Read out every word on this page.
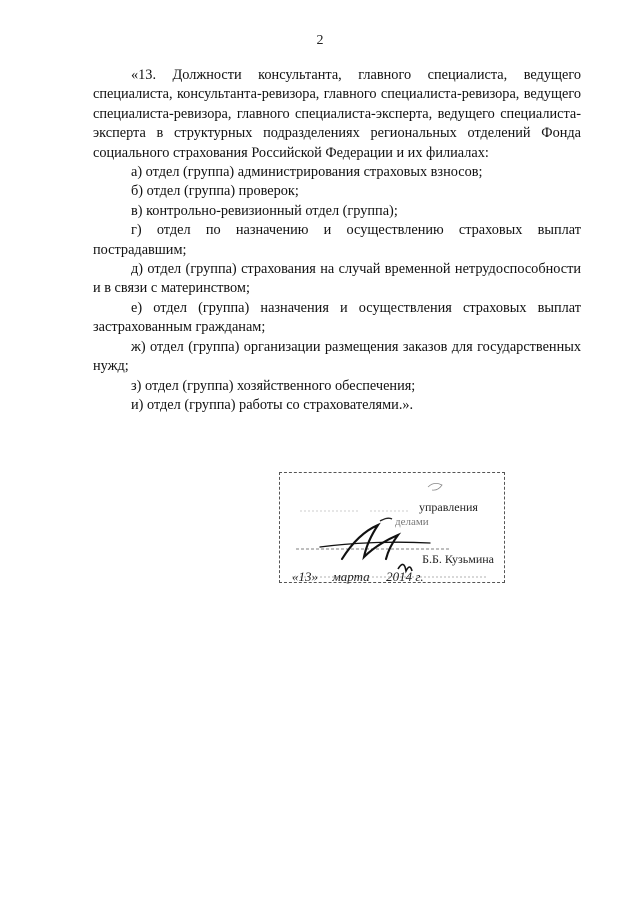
2

«13. Должности консультанта, главного специалиста, ведущего специалиста, консультанта-ревизора, главного специалиста-ревизора, ведущего специалиста-ревизора, главного специалиста-эксперта, ведущего специалиста-эксперта в структурных подразделениях региональных отделений Фонда социального страхования Российской Федерации и их филиалах:

а) отдел (группа) администрирования страховых взносов;

б) отдел (группа) проверок;

в) контрольно-ревизионный отдел (группа);

г) отдел по назначению и осуществлению страховых выплат пострадавшим;

д) отдел (группа) страхования на случай временной нетрудоспособности и в связи с материнством;

е) отдел (группа) назначения и осуществления страховых выплат застрахованным гражданам;

ж) отдел (группа) организации размещения заказов для государственных нужд;

з) отдел (группа) хозяйственного обеспечения;

и) отдел (группа) работы со страхователями.».

управления
делами
Б.Б. Кузьмина
«13»  марта 2014 г.
